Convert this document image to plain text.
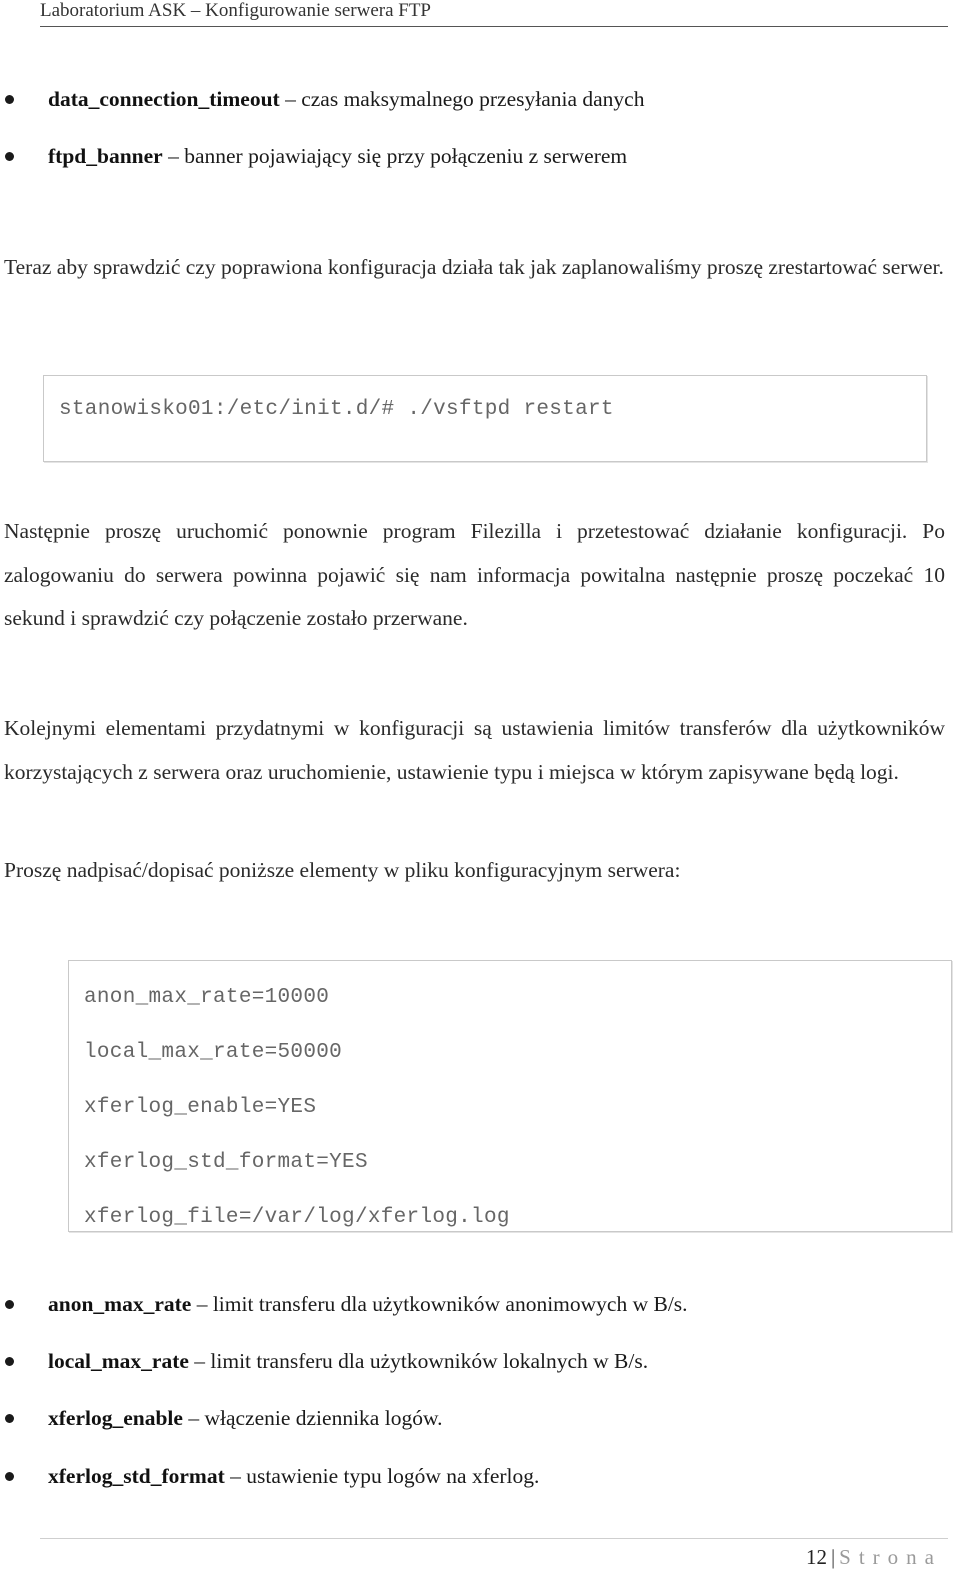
Laboratorium ASK – Konfigurowanie serwera FTP
data_connection_timeout – czas maksymalnego przesyłania danych
ftpd_banner – banner pojawiający się przy połączeniu z serwerem
Teraz aby sprawdzić czy poprawiona konfiguracja działa tak jak zaplanowaliśmy proszę zrestartować serwer.
stanowisko01:/etc/init.d/# ./vsftpd restart
Następnie proszę uruchomić ponownie program Filezilla i przetestować działanie konfiguracji. Po zalogowaniu do serwera powinna pojawić się nam informacja powitalna następnie proszę poczekać 10 sekund i sprawdzić czy połączenie zostało przerwane.
Kolejnymi elementami przydatnymi w konfiguracji są ustawienia limitów transferów dla użytkowników korzystających z serwera oraz uruchomienie, ustawienie typu i miejsca w którym zapisywane będą logi.
Proszę nadpisać/dopisać poniższe elementy w pliku konfiguracyjnym serwera:
anon_max_rate=10000
local_max_rate=50000
xferlog_enable=YES
xferlog_std_format=YES
xferlog_file=/var/log/xferlog.log
anon_max_rate – limit transferu dla użytkowników anonimowych w B/s.
local_max_rate – limit transferu dla użytkowników lokalnych w B/s.
xferlog_enable – włączenie dziennika logów.
xferlog_std_format – ustawienie typu logów na xferlog.
12 | Strona
